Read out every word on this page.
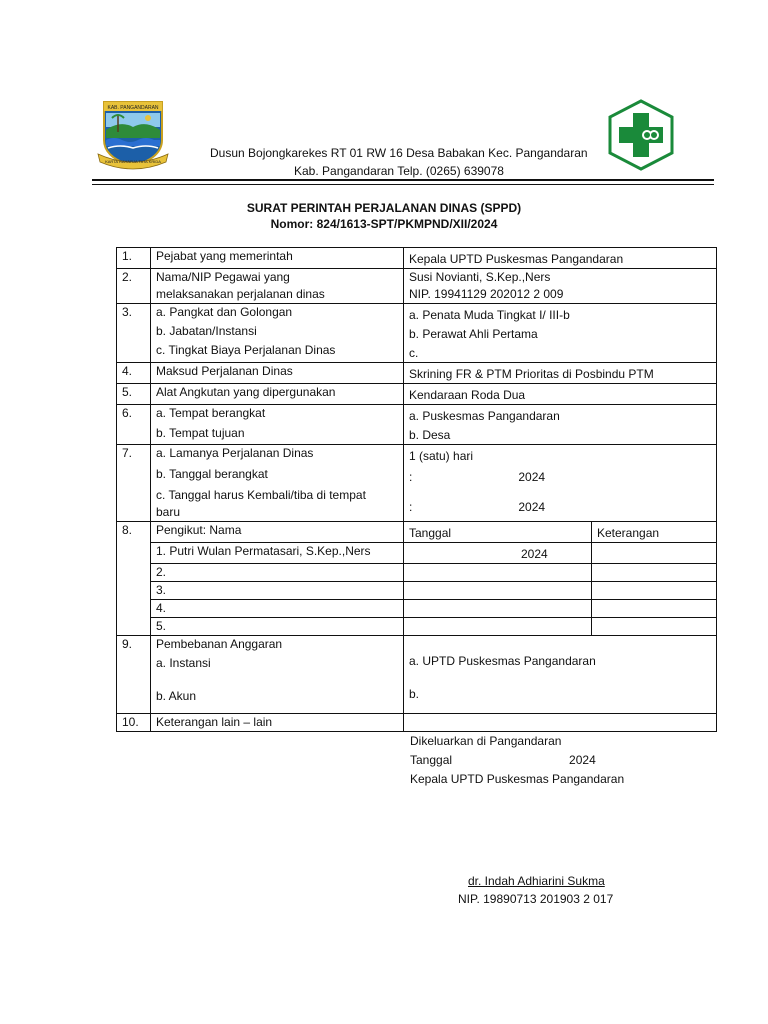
KAB. PANGANDARAN
KARTA RAHARJA TATA KRIDA
Dusun Bojongkarekes RT 01 RW 16 Desa Babakan Kec. Pangandaran
Kab. Pangandaran Telp. (0265) 639078
SURAT PERINTAH PERJALANAN DINAS (SPPD)
Nomor: 824/1613-SPT/PKMPND/XII/2024
1.	Pejabat yang memerintah	Kepala UPTD Puskesmas Pangandaran	

2.	Nama/NIP Pegawai yang
melaksanakan perjalanan dinas	Susi Novianti, S.Kep.,Ners
NIP. 19941129 202012 2 009	

3.	a. Pangkat dan Golongan
b. Jabatan/Instansi
c. Tingkat Biaya Perjalanan Dinas	a. Penata Muda Tingkat I/ III-b
b. Perawat Ahli Pertama
c.	

4.	Maksud Perjalanan Dinas	Skrining FR & PTM Prioritas di Posbindu PTM	

5.	Alat Angkutan yang dipergunakan	Kendaraan Roda Dua	

6.	a. Tempat berangkat
b. Tempat tujuan	a. Puskesmas Pangandaran
b. Desa	

7.	a. Lamanya Perjalanan Dinas
b. Tanggal berangkat
c. Tanggal harus Kembali/tiba di tempat
baru	1 (satu) hari
: 2024
: 2024	

8.	Pengikut: Nama	Tanggal	Keterangan

	1. Putri Wulan Permatasari, S.Kep.,Ners	2024	

	2.		
	3.		
	4.		
	5.		
9.	Pembebanan Anggaran
a. Instansi
b. Akun	a. UPTD Puskesmas Pangandaran
b.	

10.	Keterangan lain – lain		
Dikeluarkan di Pangandaran
Tanggal	2024
Kepala UPTD Puskesmas Pangandaran
dr. Indah Adhiarini Sukma
NIP. 19890713 201903 2 017
